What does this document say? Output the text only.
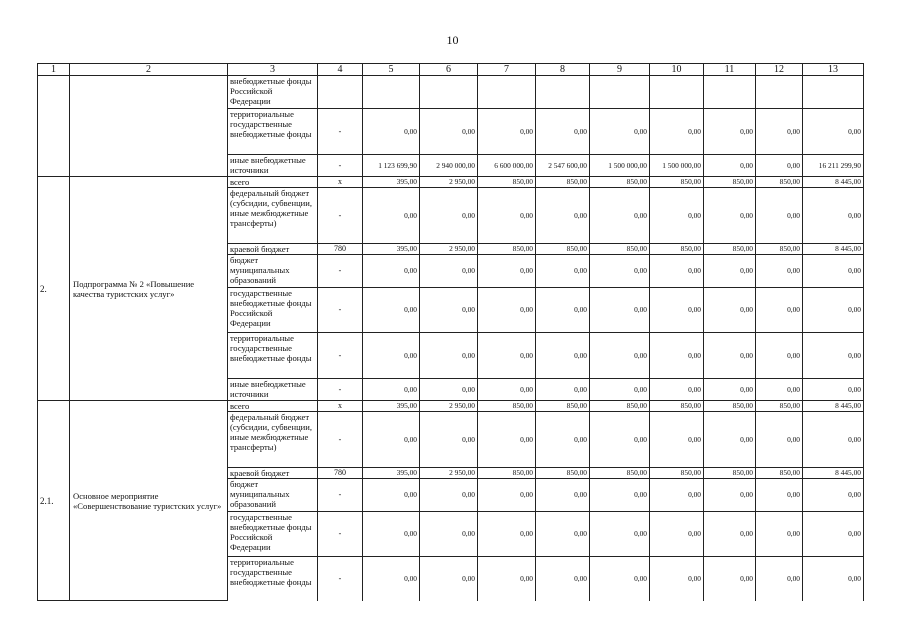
10
1	2	3	4	5	6	7	8	9	10	11	12	13
		внебюджетные фонды Российской Федерации										
		территориальные государственные внебюджетные фонды	-	0,00	0,00	0,00	0,00	0,00	0,00	0,00	0,00	0,00
		иные внебюджетные источники	-	1 123 699,90	2 940 000,00	6 600 000,00	2 547 600,00	1 500 000,00	1 500 000,00	0,00	0,00	16 211 299,90
2.	Подпрограмма № 2 «Повышение качества туристских услуг»	всего	х	395,00	2 950,00	850,00	850,00	850,00	850,00	850,00	850,00	8 445,00
		федеральный бюджет (субсидии, субвенции, иные межбюджетные трансферты)	-	0,00	0,00	0,00	0,00	0,00	0,00	0,00	0,00	0,00
		краевой бюджет	780	395,00	2 950,00	850,00	850,00	850,00	850,00	850,00	850,00	8 445,00
		бюджет муниципальных образований	-	0,00	0,00	0,00	0,00	0,00	0,00	0,00	0,00	0,00
		государственные внебюджетные фонды Российской Федерации	-	0,00	0,00	0,00	0,00	0,00	0,00	0,00	0,00	0,00
		территориальные государственные внебюджетные фонды	-	0,00	0,00	0,00	0,00	0,00	0,00	0,00	0,00	0,00
		иные внебюджетные источники	-	0,00	0,00	0,00	0,00	0,00	0,00	0,00	0,00	0,00
2.1.	Основное мероприятие «Совершенствование туристских услуг»	всего	х	395,00	2 950,00	850,00	850,00	850,00	850,00	850,00	850,00	8 445,00
		федеральный бюджет (субсидии, субвенции, иные межбюджетные трансферты)	-	0,00	0,00	0,00	0,00	0,00	0,00	0,00	0,00	0,00
		краевой бюджет	780	395,00	2 950,00	850,00	850,00	850,00	850,00	850,00	850,00	8 445,00
		бюджет муниципальных образований	-	0,00	0,00	0,00	0,00	0,00	0,00	0,00	0,00	0,00
		государственные внебюджетные фонды Российской Федерации	-	0,00	0,00	0,00	0,00	0,00	0,00	0,00	0,00	0,00
		территориальные государственные внебюджетные фонды	-	0,00	0,00	0,00	0,00	0,00	0,00	0,00	0,00	0,00
